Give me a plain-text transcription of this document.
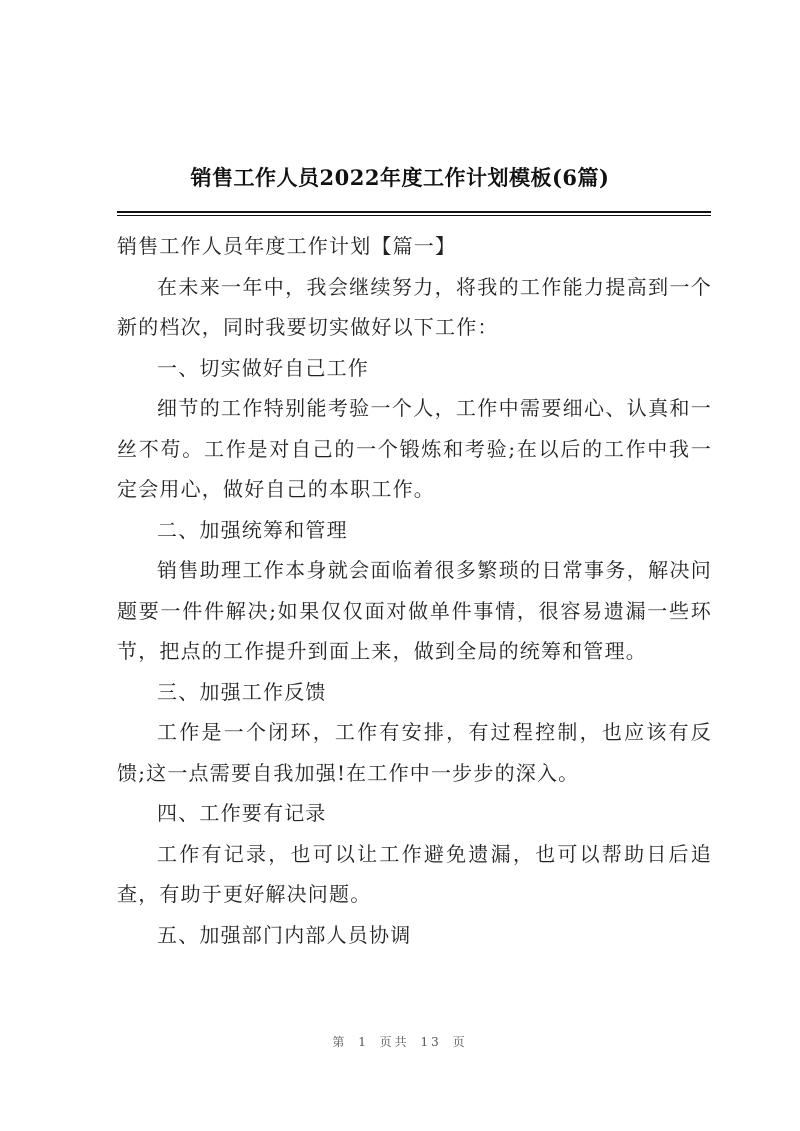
销售工作人员2022年度工作计划模板(6篇)

销售工作人员年度工作计划【篇一】

在未来一年中，我会继续努力，将我的工作能力提高到一个新的档次，同时我要切实做好以下工作：

一、切实做好自己工作

细节的工作特别能考验一个人，工作中需要细心、认真和一丝不苟。工作是对自己的一个锻炼和考验;在以后的工作中我一定会用心，做好自己的本职工作。

二、加强统筹和管理

销售助理工作本身就会面临着很多繁琐的日常事务，解决问题要一件件解决;如果仅仅面对做单件事情，很容易遗漏一些环节，把点的工作提升到面上来，做到全局的统筹和管理。

三、加强工作反馈

工作是一个闭环，工作有安排，有过程控制，也应该有反馈;这一点需要自我加强!在工作中一步步的深入。

四、工作要有记录

工作有记录，也可以让工作避免遗漏，也可以帮助日后追查，有助于更好解决问题。

五、加强部门内部人员协调

第 1 页共 13 页
